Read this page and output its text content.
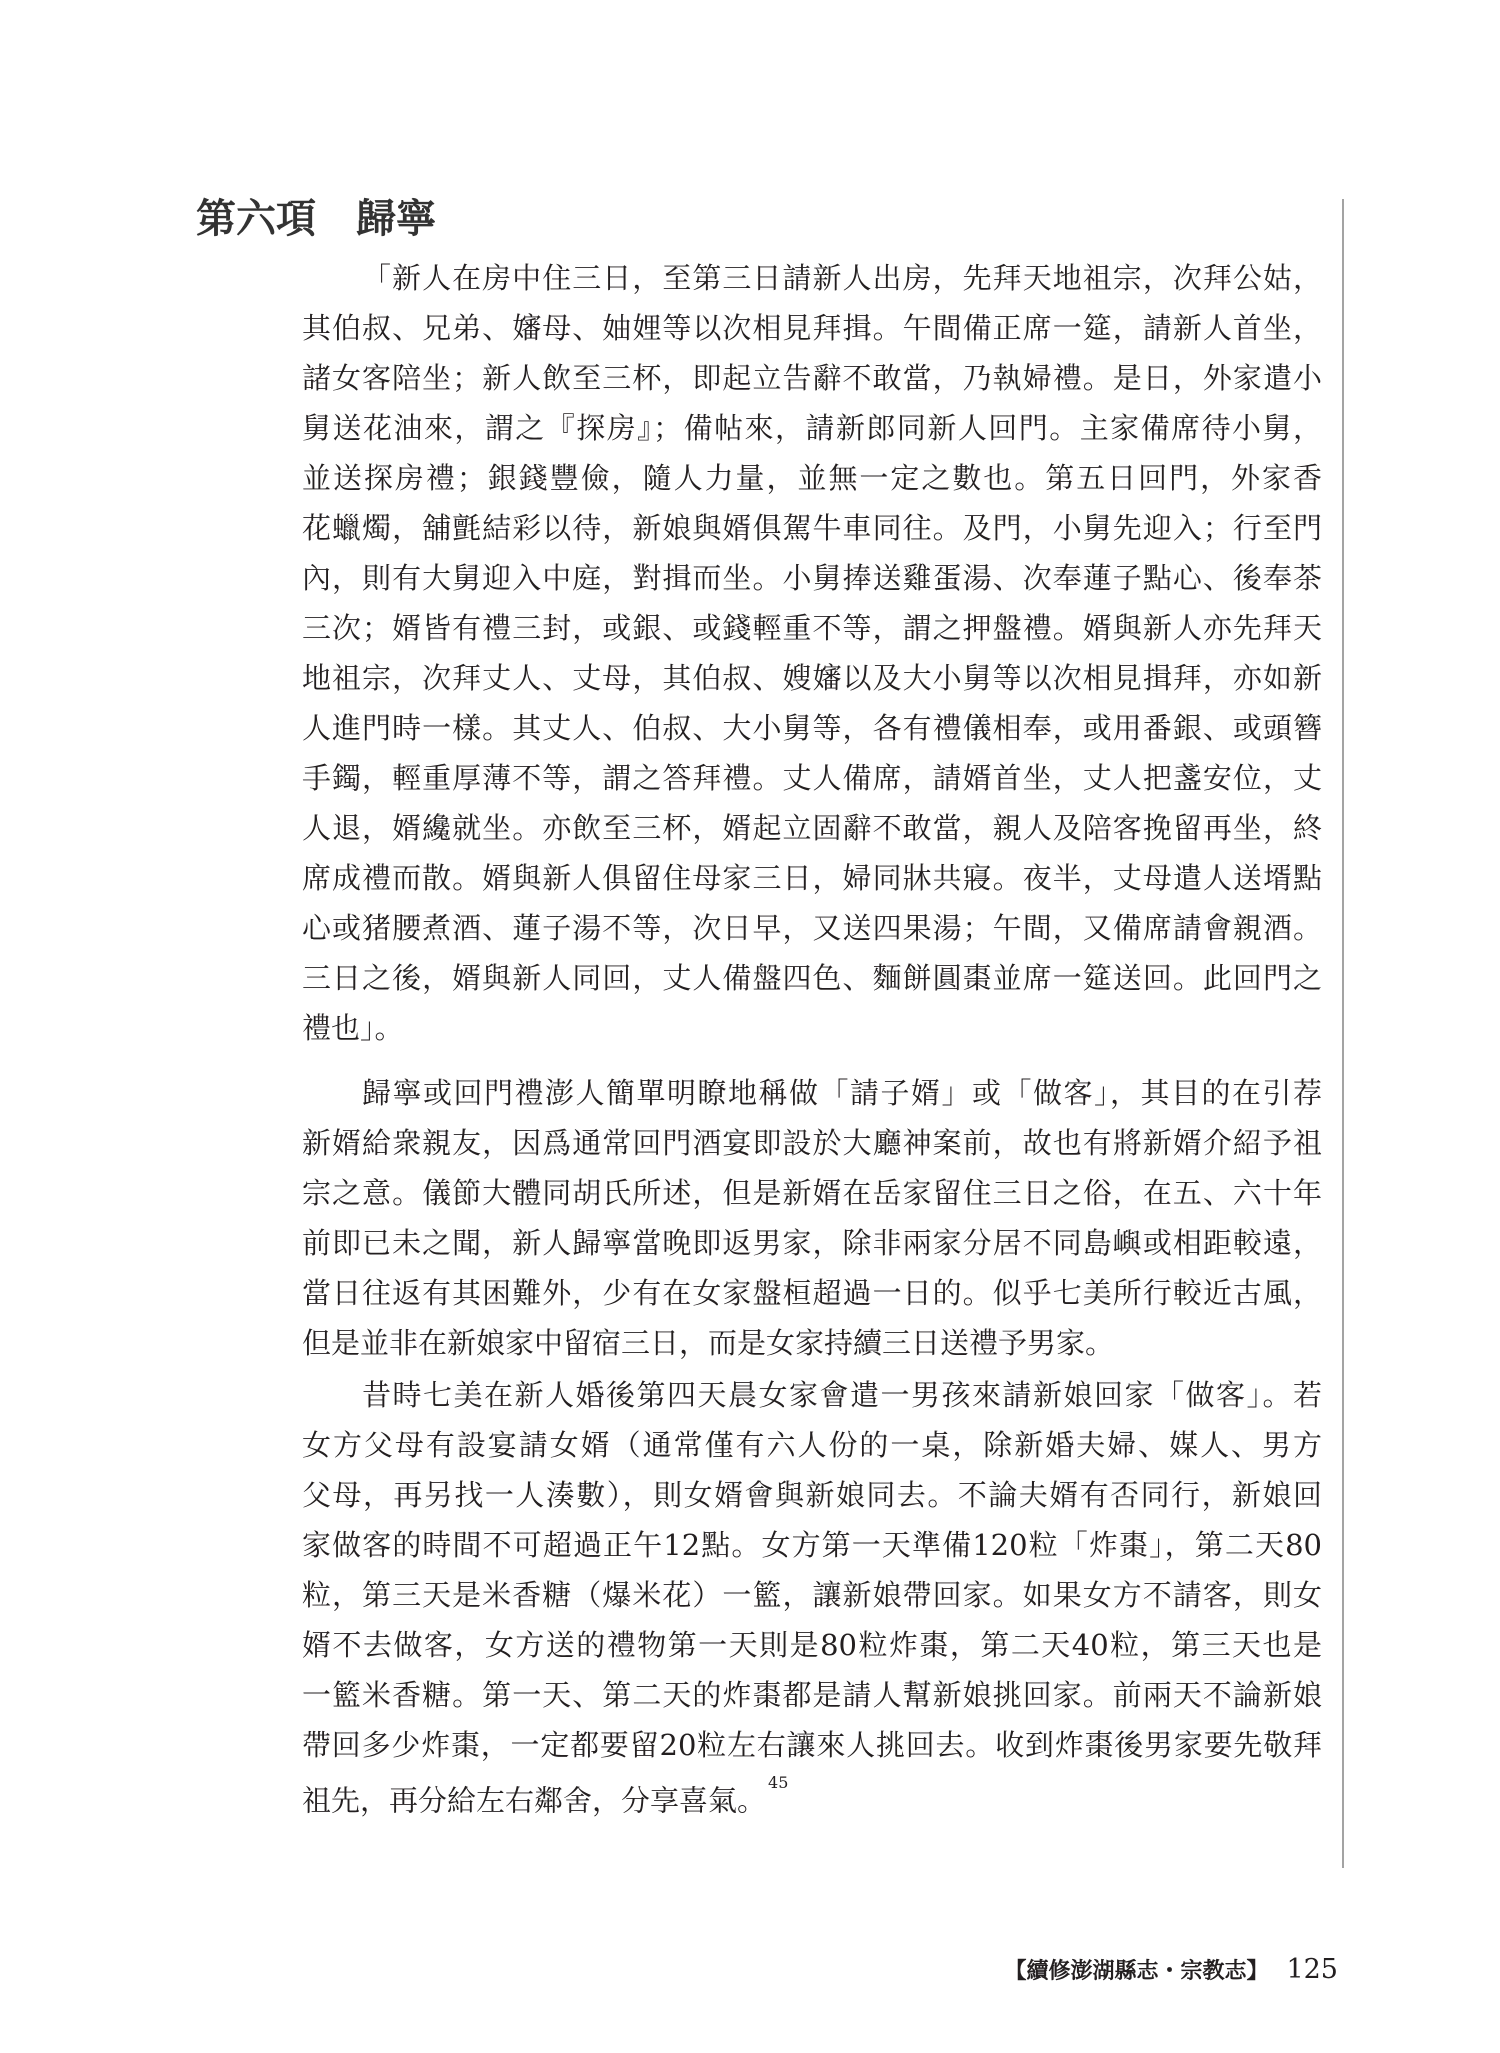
第六項 歸寧
「新人在房中住三日，至第三日請新人出房，先拜天地祖宗，次拜公姑，
其伯叔、兄弟、嬸母、妯娌等以次相見拜揖。午間備正席一筵，請新人首坐，
諸女客陪坐；新人飲至三杯，即起立告辭不敢當，乃執婦禮。是日，外家遣小
舅送花油來，謂之『探房』；備帖來，請新郎同新人回門。主家備席待小舅，
並送探房禮；銀錢豐儉，隨人力量，並無一定之數也。第五日回門，外家香
花蠟燭，舖氈結彩以待，新娘與婿俱駕牛車同往。及門，小舅先迎入；行至門
內，則有大舅迎入中庭，對揖而坐。小舅捧送雞蛋湯、次奉蓮子點心、後奉茶
三次；婿皆有禮三封，或銀、或錢輕重不等，謂之押盤禮。婿與新人亦先拜天
地祖宗，次拜丈人、丈母，其伯叔、嫂嬸以及大小舅等以次相見揖拜，亦如新
人進門時一樣。其丈人、伯叔、大小舅等，各有禮儀相奉，或用番銀、或頭簪
手鐲，輕重厚薄不等，謂之答拜禮。丈人備席，請婿首坐，丈人把盞安位，丈
人退，婿纔就坐。亦飲至三杯，婿起立固辭不敢當，親人及陪客挽留再坐，終
席成禮而散。婿與新人俱留住母家三日，婦同牀共寢。夜半，丈母遣人送壻點
心或猪腰煮酒、蓮子湯不等，次日早，又送四果湯；午間，又備席請會親酒。
三日之後，婿與新人同回，丈人備盤四色、麵餅圓棗並席一筵送回。此回門之
禮也」。
歸寧或回門禮澎人簡單明瞭地稱做「請子婿」或「做客」，其目的在引荐
新婿給衆親友，因爲通常回門酒宴即設於大廳神案前，故也有將新婿介紹予祖
宗之意。儀節大體同胡氏所述，但是新婿在岳家留住三日之俗，在五、六十年
前即已未之聞，新人歸寧當晚即返男家，除非兩家分居不同島嶼或相距較遠，
當日往返有其困難外，少有在女家盤桓超過一日的。似乎七美所行較近古風，
但是並非在新娘家中留宿三日，而是女家持續三日送禮予男家。
昔時七美在新人婚後第四天晨女家會遣一男孩來請新娘回家「做客」。若
女方父母有設宴請女婿（通常僅有六人份的一桌，除新婚夫婦、媒人、男方
父母，再另找一人湊數），則女婿會與新娘同去。不論夫婿有否同行，新娘回
家做客的時間不可超過正午12點。女方第一天準備120粒「炸棗」，第二天80
粒，第三天是米香糖（爆米花）一籃，讓新娘帶回家。如果女方不請客，則女
婿不去做客，女方送的禮物第一天則是80粒炸棗，第二天40粒，第三天也是
一籃米香糖。第一天、第二天的炸棗都是請人幫新娘挑回家。前兩天不論新娘
帶回多少炸棗，一定都要留20粒左右讓來人挑回去。收到炸棗後男家要先敬拜
祖先，再分給左右鄰舍，分享喜氣。$^{45}$
【續修澎湖縣志・宗教志】 125
